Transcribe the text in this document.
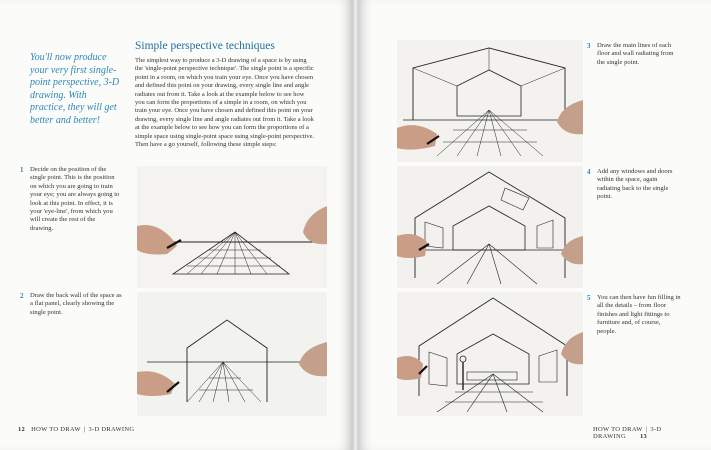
You'll now produce your very first single-point perspective, 3-D drawing. With practice, they will get better and better!
Simple perspective techniques
The simplest way to produce a 3-D drawing of a space is by using the 'single-point perspective technique'. The single point is a specific point in a room, on which you train your eye. Once you have chosen and defined this point on your drawing, every single line and angle radiates out from it. Take a look at the example below to see how you can form the proportions of a simple in a room, on which you train your eye. Once you have chosen and defined this point on your drawing, every single line and angle radiates out from it. Take a look at the example below to see how you can form the proportions of a simple space using single-point space using single-point perspective. Then have a go yourself, following these simple steps:
1 Decide on the position of the single point. This is the position on which you are going to train your eye; you are always going to look at this point. In effect, it is your 'eye-line', from which you will create the rest of the drawing.
2 Draw the back wall of the space as a flat panel, clearly showing the single point.
12 HOW TO DRAW | 3-D DRAWING
3 Draw the main lines of each floor and wall radiating from the single point.
4 Add any windows and doors within the space, again radiating back to the single point.
5 You can then have fun filling in all the details – from floor finishes and light fittings to furniture and, of course, people.
HOW TO DRAW | 3-D DRAWING 13
